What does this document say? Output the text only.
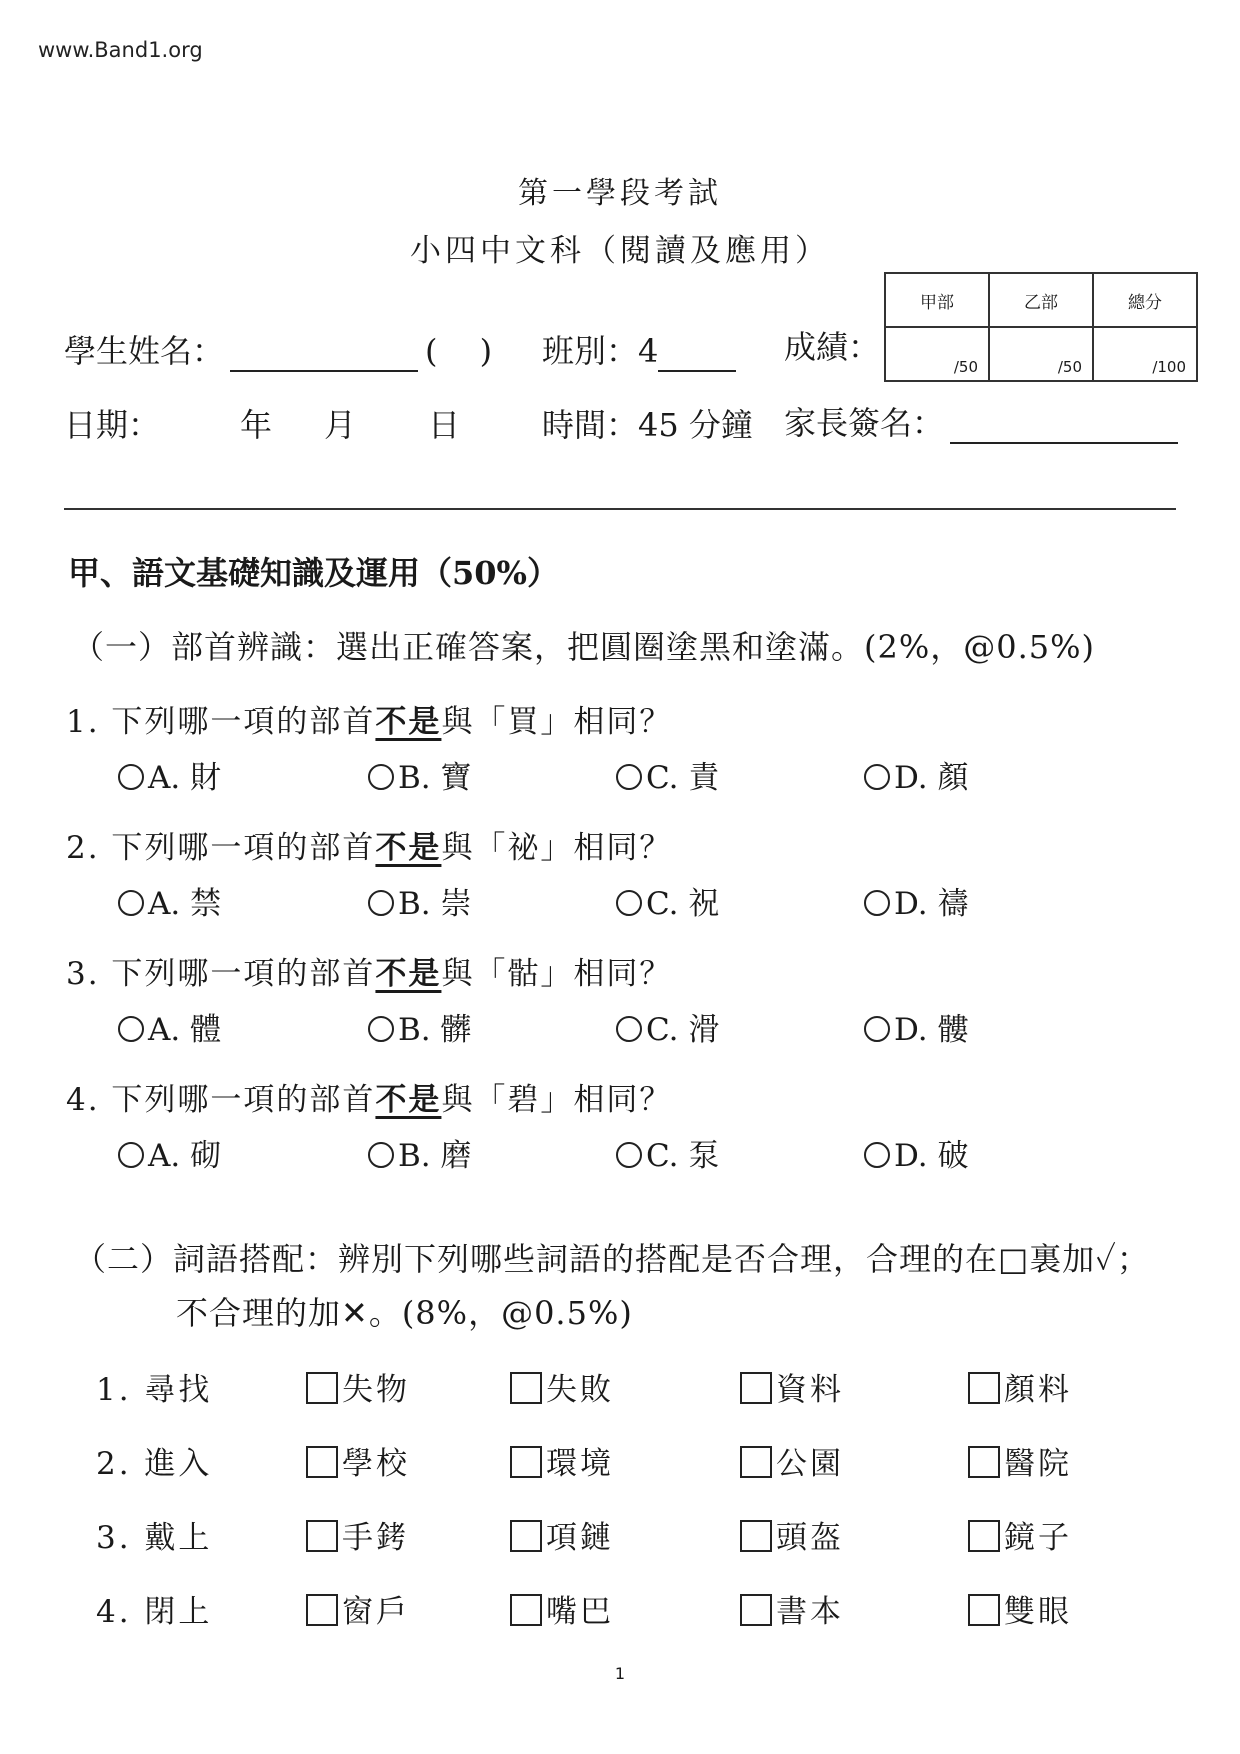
www.Band1.org
第一學段考試
小四中文科（閱讀及應用）
學生姓名：	(　 ) 班別：4	成績：
甲部	乙部	總分
/50	/50	/100
日期： 年 月 日	時間：45 分鐘 家長簽名：
甲、語文基礎知識及運用（50%）
（一）部首辨識：選出正確答案，把圓圈塗黑和塗滿。(2%，@0.5%)
1. 下列哪一項的部首不是與「買」相同？
A. 財	B. 寶	C. 責	D. 顏
2. 下列哪一項的部首不是與「祕」相同？
A. 禁	B. 崇	C. 祝	D. 禱
3. 下列哪一項的部首不是與「骷」相同？
A. 體	B. 髒	C. 滑	D. 髏
4. 下列哪一項的部首不是與「碧」相同？
A. 砌	B. 磨	C. 泵	D. 破
（二）詞語搭配：辨別下列哪些詞語的搭配是否合理，合理的在□裏加✓；
不合理的加✕。(8%，@0.5%)
1. 尋找	失物	失敗	資料	顏料
2. 進入	學校	環境	公園	醫院
3. 戴上	手銬	項鏈	頭盔	鏡子
4. 閉上	窗戶	嘴巴	書本	雙眼
1
